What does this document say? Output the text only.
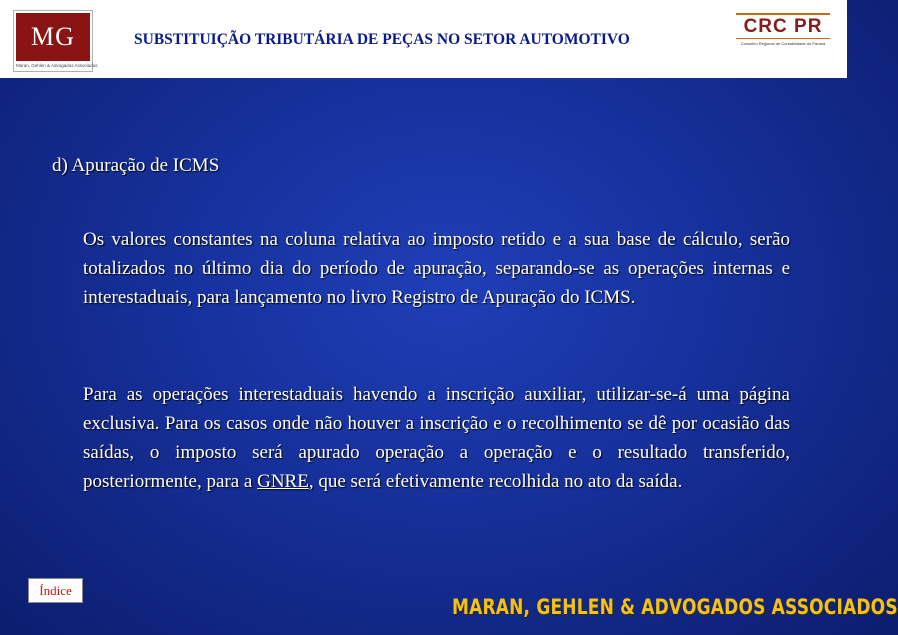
MG
Maran, Gehlen & Advogados Associados
SUBSTITUIÇÃO TRIBUTÁRIA DE PEÇAS NO SETOR AUTOMOTIVO
CRC PR
Conselho Regional de Contabilidade do Paraná
d) Apuração de ICMS
Os valores constantes na coluna relativa ao imposto retido e a sua base de cálculo, serão totalizados no último dia do período de apuração, separando-se as operações internas e interestaduais, para lançamento no livro Registro de Apuração do ICMS.
Para as operações interestaduais havendo a inscrição auxiliar, utilizar-se-á uma página exclusiva. Para os casos onde não houver a inscrição e o recolhimento se dê por ocasião das saídas, o imposto será apurado operação a operação e o resultado transferido, posteriormente, para a GNRE, que será efetivamente recolhida no ato da saída.
Índice
MARAN, GEHLEN & ADVOGADOS ASSOCIADOS
